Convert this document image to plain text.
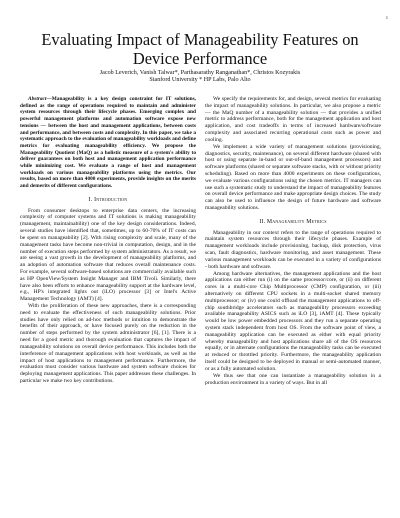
1
Evaluating Impact of Manageability Features on Device Performance
Jacob Leverich, Vanish Talwar*, Parthasarathy Ranganathan*, Christos Kozyrakis
Stanford University * HP Labs, Palo Alto

Abstract—Manageability is a key design constraint for IT solutions, defined as the range of operations required to maintain and administer system resources through their lifecycle phases. Emerging complex and powerful management platforms and automation software expose new tensions — between the host and management applications, between costs and performance, and between costs and complexity. In this paper, we take a systematic approach to the evaluation of manageability workloads and define metrics for evaluating manageability efficiency. We propose the Manageability Quotient (MaQ) as a holistic measure of a system's ability to deliver guarantees on both host and management application performance while minimizing cost. We evaluate a range of host and management workloads on various manageability platforms using the metrics. Our results, based on more than 4000 experiments, provide insights on the merits and demerits of different configurations.

I. Introduction

From consumer desktops to enterprise data centers, the increasing complexity of computer systems and IT solutions is making manageability (management, maintainability) one of the key design considerations. Indeed, several studies have identified that, sometimes, up to 60-70% of IT costs can be spent on manageability [2]. With rising complexity and scale, many of the management tasks have become non-trivial in computation, design, and in the number of execution steps performed by system administrators. As a result, we are seeing a vast growth in the development of manageability platforms, and an adoption of automation software that reduces overall maintenance costs. For example, several software-based solutions are commercially available such as HP OpenView/System Insight Manager and IBM Tivoli. Similarly, there have also been efforts to enhance manageability support at the hardware level, e.g., HP's integrated lights out (iLO) processor [3] or Intel's Active Management Technology (AMT) [4].

With the proliferation of these new approaches, there is a corresponding need to evaluate the effectiveness of such manageability solutions. Prior studies have only relied on ad-hoc methods or intuition to demonstrate the benefits of their approach, or have focused purely on the reduction in the number of steps performed by the system administrator [6], [1]. There is a need for a good metric and thorough evaluation that captures the impact of manageability solutions on overall device performance. This includes both the interference of management applications with host workloads, as well as the impact of host applications to management performance. Furthermore, the evaluation must consider various hardware and system software choices for deploying management applications. This paper addresses these challenges. In particular we make two key contributions.

We specify the requirements for, and design, several metrics for evaluating the impact of manageability solutions. In particular, we also propose a metric — the MaQ number of a manageability solution — that provides a unified metric to address performance, both for the management application and host application, and cost tradeoffs in terms of increased hardware/software complexity and associated recurring operational costs such as power and cooling.

We implement a wide variety of management solutions (provisioning, diagnostics, security, maintenance), on several different hardware (shared with host or using separate in-band or out-of-band management processors) and software platforms (shared or separate software stacks, with or without priority scheduling). Based on more than 4000 experiments on these configurations, we evaluate various configurations using the chosen metrics. IT managers can use such a systematic study to understand the impact of manageability features on overall device performance and make appropriate design choices. The study can also be used to influence the design of future hardware and software manageability solutions.

II. Manageability Metrics

Manageability in our context refers to the range of operations required to maintain system resources through their lifecycle phases. Example of management workloads include provisioning, backup, disk protection, virus scan, fault diagnostics, hardware monitoring, and asset management. These various management workloads can be executed in a variety of configurations - both hardware and software.

Among hardware alternatives, the management applications and the host applications can either run (i) on the same processor/core, or (ii) on different cores in a multi-core Chip Multiprocessor (CMP) configuration, or (iii) alternatively on different CPU sockets in a multi-socket shared memory multiprocessor; or (iv) one could offload the management applications to off-chip southbridge accelerators such as manageability processors exceeding available manageability ASICS such as iLO [3], iAMT [4]. These typically would be low power embedded processors and they run a separate operating system stack independent from host OS. From the software point of view, a manageability application can be executed as either with equal priority whereby manageability and host applications share all of the OS resources equally, or in alternate configurations the manageability tasks can be executed at reduced or throttled priority. Furthermore, the manageability application itself could be designed to be deployed in manual or semi-automated manner, or as a fully automated solution.

We thus see that one can instantiate a manageability solution in a production environment in a variety of ways. But in all
